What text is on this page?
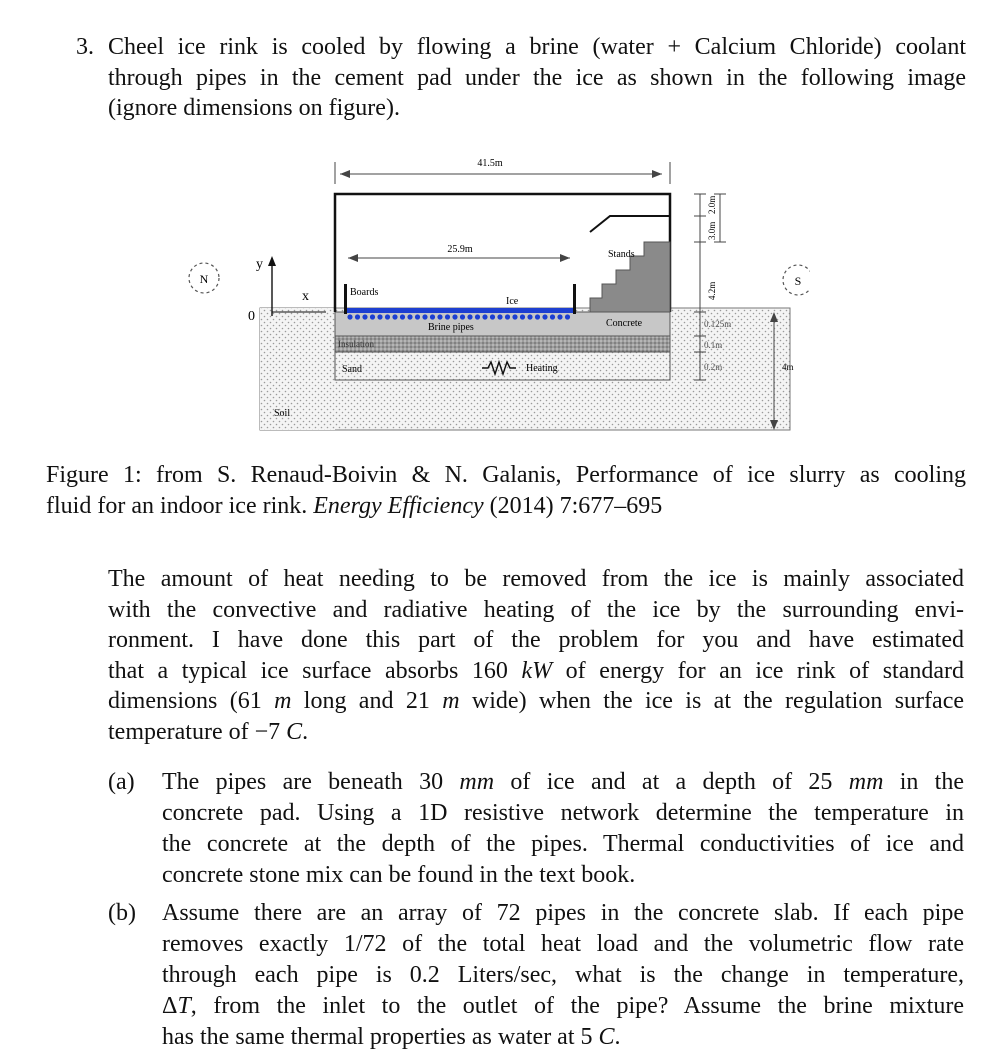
3. Cheel ice rink is cooled by flowing a brine (water + Calcium Chloride) coolant
through pipes in the cement pad under the ice as shown in the following image
(ignore dimensions on figure).
41.5m
25.9m
Boards
Ice
Brine pipes
Insulation
Sand	Heating
Stands
Concrete
Soil
y
x
0
N	S
2.0m
3.0m
4.2m
0.125m
0.1m
0.2m	4m
Figure 1: from S. Renaud-Boivin & N. Galanis, Performance of ice slurry as cooling
fluid for an indoor ice rink. Energy Efficiency (2014) 7:677–695
The amount of heat needing to be removed from the ice is mainly associated
with the convective and radiative heating of the ice by the surrounding envi-
ronment. I have done this part of the problem for you and have estimated
that a typical ice surface absorbs 160 kW of energy for an ice rink of standard
dimensions (61 m long and 21 m wide) when the ice is at the regulation surface
temperature of −7 C.
(a) The pipes are beneath 30 mm of ice and at a depth of 25 mm in the
concrete pad. Using a 1D resistive network determine the temperature in
the concrete at the depth of the pipes. Thermal conductivities of ice and
concrete stone mix can be found in the text book.
(b) Assume there are an array of 72 pipes in the concrete slab. If each pipe
removes exactly 1/72 of the total heat load and the volumetric flow rate
through each pipe is 0.2 Liters/sec, what is the change in temperature,
ΔT, from the inlet to the outlet of the pipe? Assume the brine mixture
has the same thermal properties as water at 5 C.
